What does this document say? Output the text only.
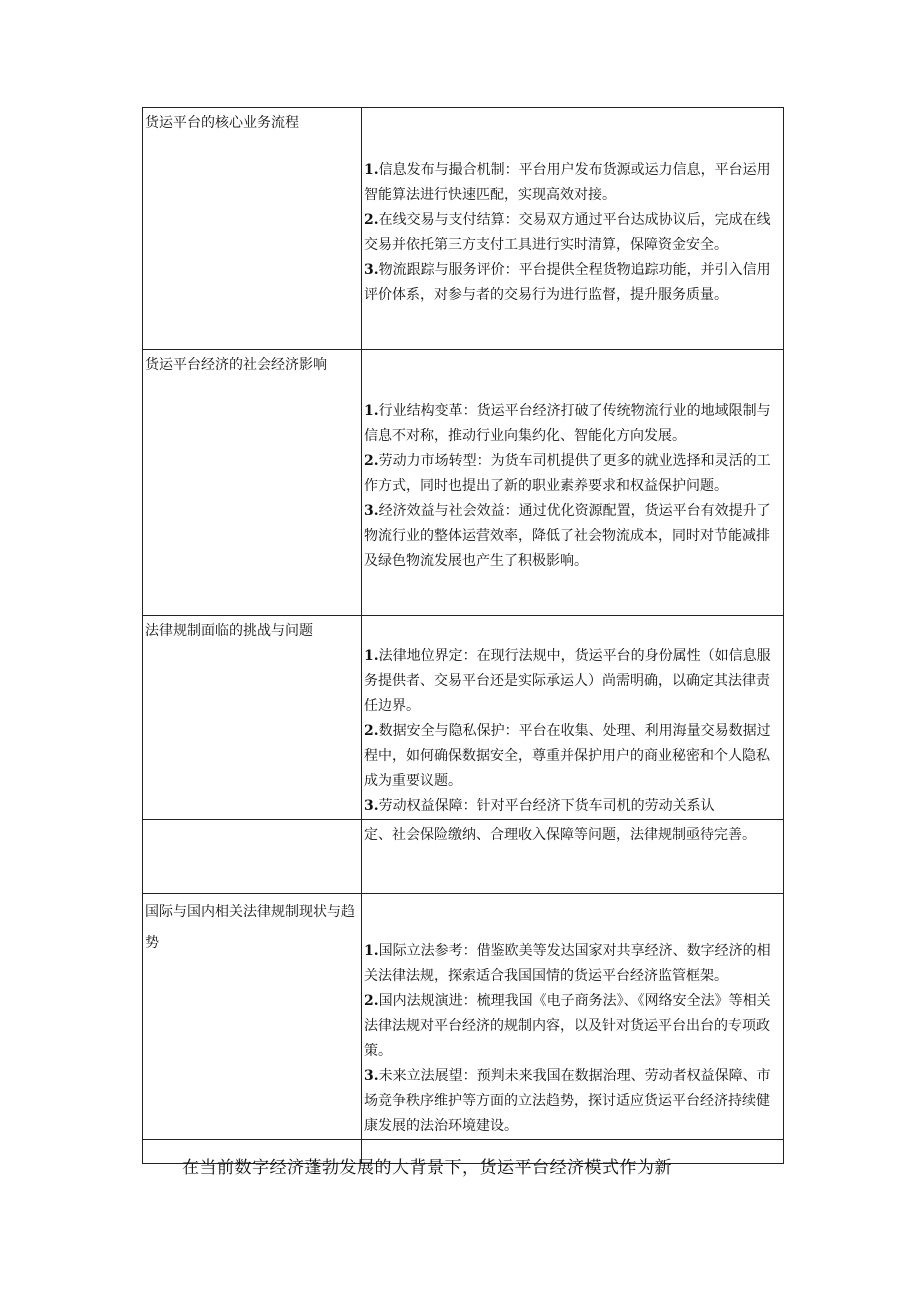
货运平台的核心业务流程	1.信息发布与撮合机制：平台用户发布货源或运力信息，平台运用智能算法进行快速匹配，实现高效对接。
2.在线交易与支付结算：交易双方通过平台达成协议后，完成在线交易并依托第三方支付工具进行实时清算，保障资金安全。
3.物流跟踪与服务评价：平台提供全程货物追踪功能，并引入信用评价体系，对参与者的交易行为进行监督，提升服务质量。

货运平台经济的社会经济影响	1.行业结构变革：货运平台经济打破了传统物流行业的地域限制与信息不对称，推动行业向集约化、智能化方向发展。
2.劳动力市场转型：为货车司机提供了更多的就业选择和灵活的工作方式，同时也提出了新的职业素养要求和权益保护问题。
3.经济效益与社会效益：通过优化资源配置，货运平台有效提升了物流行业的整体运营效率，降低了社会物流成本，同时对节能减排及绿色物流发展也产生了积极影响。

法律规制面临的挑战与问题	1.法律地位界定：在现行法规中，货运平台的身份属性（如信息服务提供者、交易平台还是实际承运人）尚需明确，以确定其法律责任边界。
2.数据安全与隐私保护：平台在收集、处理、利用海量交易数据过程中，如何确保数据安全，尊重并保护用户的商业秘密和个人隐私成为重要议题。
3.劳动权益保障：针对平台经济下货车司机的劳动关系认

	定、社会保险缴纳、合理收入保障等问题，法律规制亟待完善。

国际与国内相关法律规制现状与趋势	1.国际立法参考：借鉴欧美等发达国家对共享经济、数字经济的相关法律法规，探索适合我国国情的货运平台经济监管框架。
2.国内法规演进：梳理我国《电子商务法》、《网络安全法》等相关法律法规对平台经济的规制内容，以及针对货运平台出台的专项政策。
3.未来立法展望：预判未来我国在数据治理、劳动者权益保障、市场竞争秩序维护等方面的立法趋势，探讨适应货运平台经济持续健康发展的法治环境建设。

在当前数字经济蓬勃发展的大背景下，货运平台经济模式作为新
